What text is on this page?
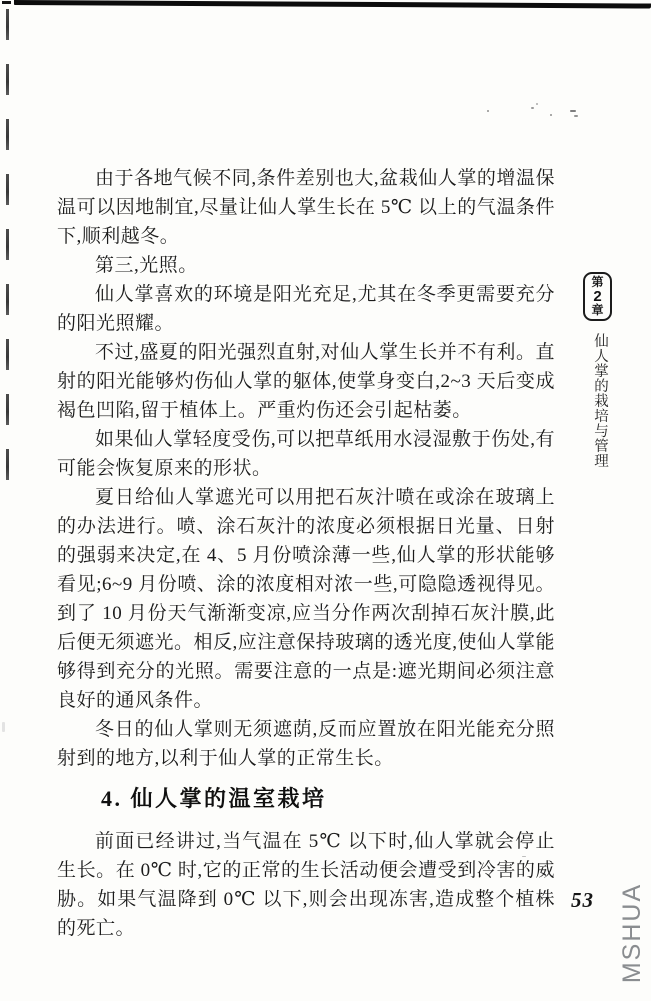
由于各地气候不同,条件差别也大,盆栽仙人掌的增温保温可以因地制宜,尽量让仙人掌生长在 5℃ 以上的气温条件下,顺利越冬。

第三,光照。

仙人掌喜欢的环境是阳光充足,尤其在冬季更需要充分的阳光照耀。

不过,盛夏的阳光强烈直射,对仙人掌生长并不有利。直射的阳光能够灼伤仙人掌的躯体,使掌身变白,2~3 天后变成褐色凹陷,留于植体上。严重灼伤还会引起枯萎。

如果仙人掌轻度受伤,可以把草纸用水浸湿敷于伤处,有可能会恢复原来的形状。

夏日给仙人掌遮光可以用把石灰汁喷在或涂在玻璃上的办法进行。喷、涂石灰汁的浓度必须根据日光量、日射的强弱来决定,在 4、5 月份喷涂薄一些,仙人掌的形状能够看见;6~9 月份喷、涂的浓度相对浓一些,可隐隐透视得见。到了 10 月份天气渐渐变凉,应当分作两次刮掉石灰汁膜,此后便无须遮光。相反,应注意保持玻璃的透光度,使仙人掌能够得到充分的光照。需要注意的一点是:遮光期间必须注意良好的通风条件。

冬日的仙人掌则无须遮荫,反而应置放在阳光能充分照射到的地方,以利于仙人掌的正常生长。

4. 仙人掌的温室栽培

前面已经讲过,当气温在 5℃ 以下时,仙人掌就会停止生长。在 0℃ 时,它的正常的生长活动便会遭受到冷害的威胁。如果气温降到 0℃ 以下,则会出现冻害,造成整个植株的死亡。

第
2
章
仙人掌的栽培与管理
53 MSHUA
